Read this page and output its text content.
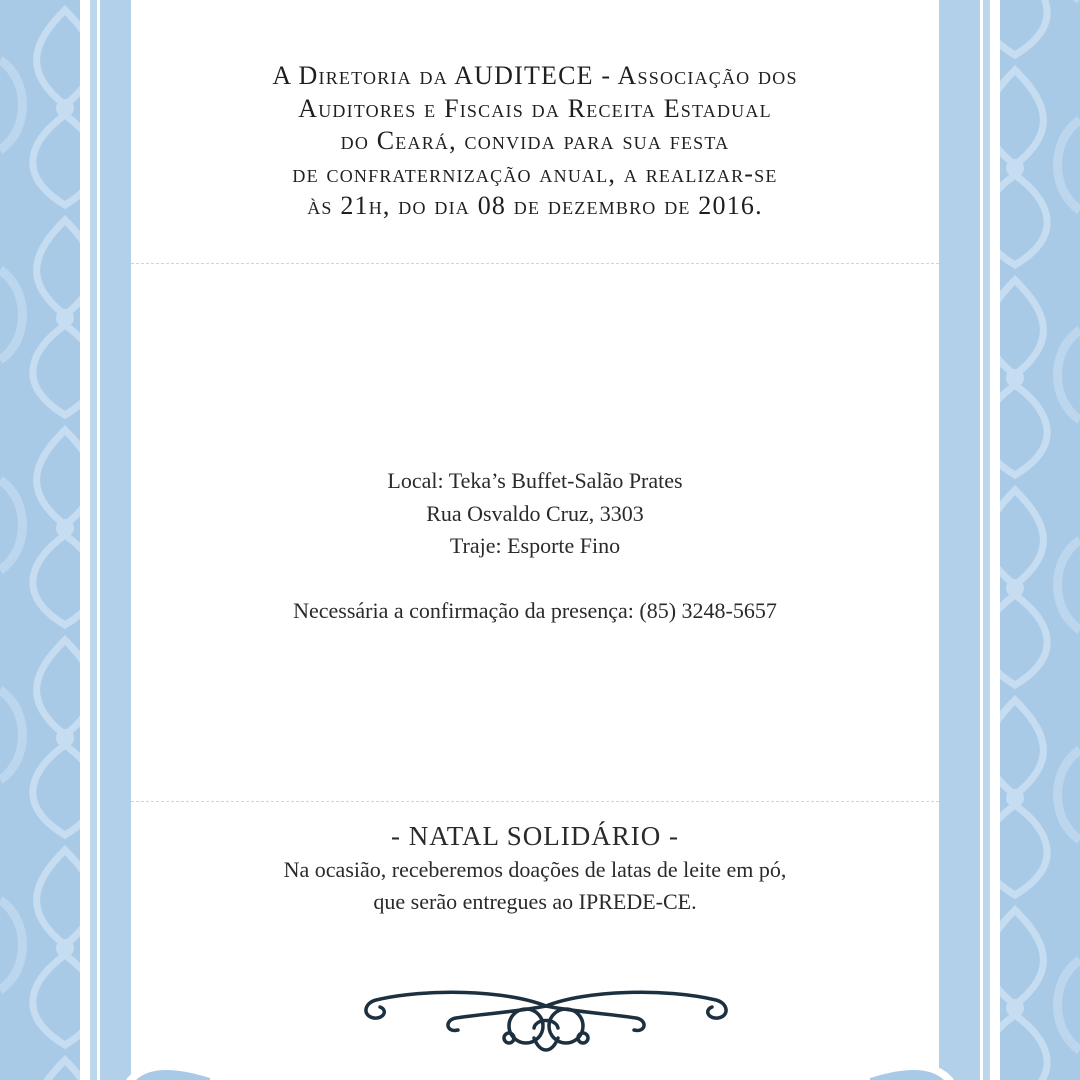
A Diretoria da AUDITECE - Associação dos
Auditores e Fiscais da Receita Estadual
do Ceará, convida para sua festa
de confraternização anual, a realizar-se
às 21h, do dia 08 de dezembro de 2016.
Local: Teka’s Buffet-Salão Prates
Rua Osvaldo Cruz, 3303
Traje: Esporte Fino
Necessária a confirmação da presença: (85) 3248-5657
- NATAL SOLIDÁRIO -
Na ocasião, receberemos doações de latas de leite em pó,
que serão entregues ao IPREDE-CE.
